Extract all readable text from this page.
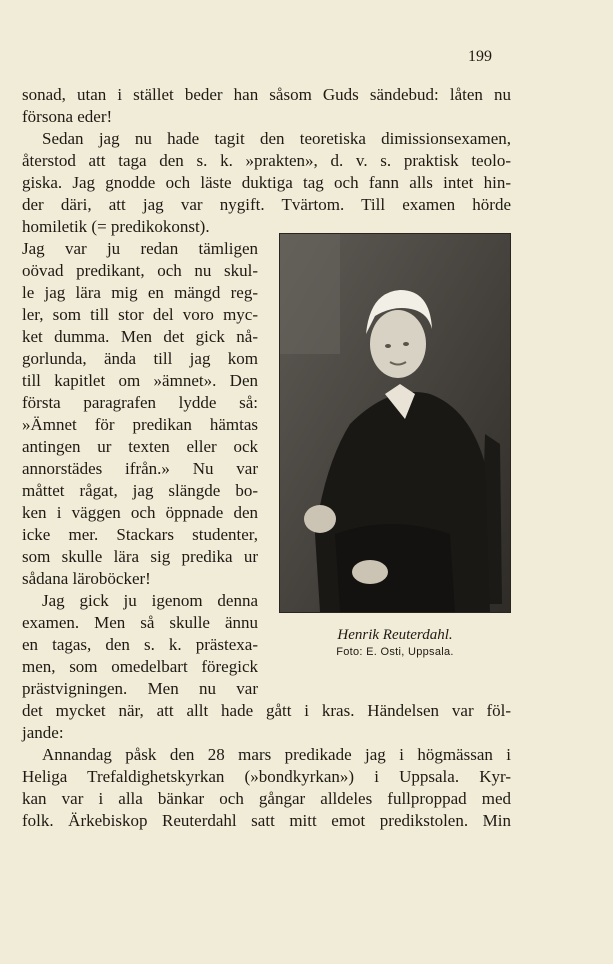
199
sonad, utan i stället beder han såsom Guds sändebud: låten nu
försona eder!
Sedan jag nu hade tagit den teoretiska dimissionsexamen,
återstod att taga den s. k. »prakten», d. v. s. praktisk teolo-
giska. Jag gnodde och läste duktiga tag och fann alls intet hin-
der däri, att jag var nygift. Tvärtom. Till examen hörde
homiletik (= predikokonst).
Jag var ju redan tämligen
oövad predikant, och nu skul-
le jag lära mig en mängd reg-
ler, som till stor del voro myc-
ket dumma. Men det gick nå-
gorlunda, ända till jag kom
till kapitlet om »ämnet». Den
första paragrafen lydde så:
»Ämnet för predikan hämtas
antingen ur texten eller ock
annorstädes ifrån.» Nu var
måttet rågat, jag slängde bo-
ken i väggen och öppnade den
icke mer. Stackars studenter,
som skulle lära sig predika ur
sådana läroböcker!
Jag gick ju igenom denna
examen. Men så skulle ännu
en tagas, den s. k. prästexa-
men, som omedelbart föregick
prästvigningen. Men nu var
det mycket när, att allt hade gått i kras. Händelsen var föl-
jande:
Annandag påsk den 28 mars predikade jag i högmässan i
Heliga Trefaldighetskyrkan (»bondkyrkan») i Uppsala. Kyr-
kan var i alla bänkar och gångar alldeles fullproppad med
folk. Ärkebiskop Reuterdahl satt mitt emot predikstolen. Min
Henrik Reuterdahl.
Foto: E. Osti, Uppsala.
